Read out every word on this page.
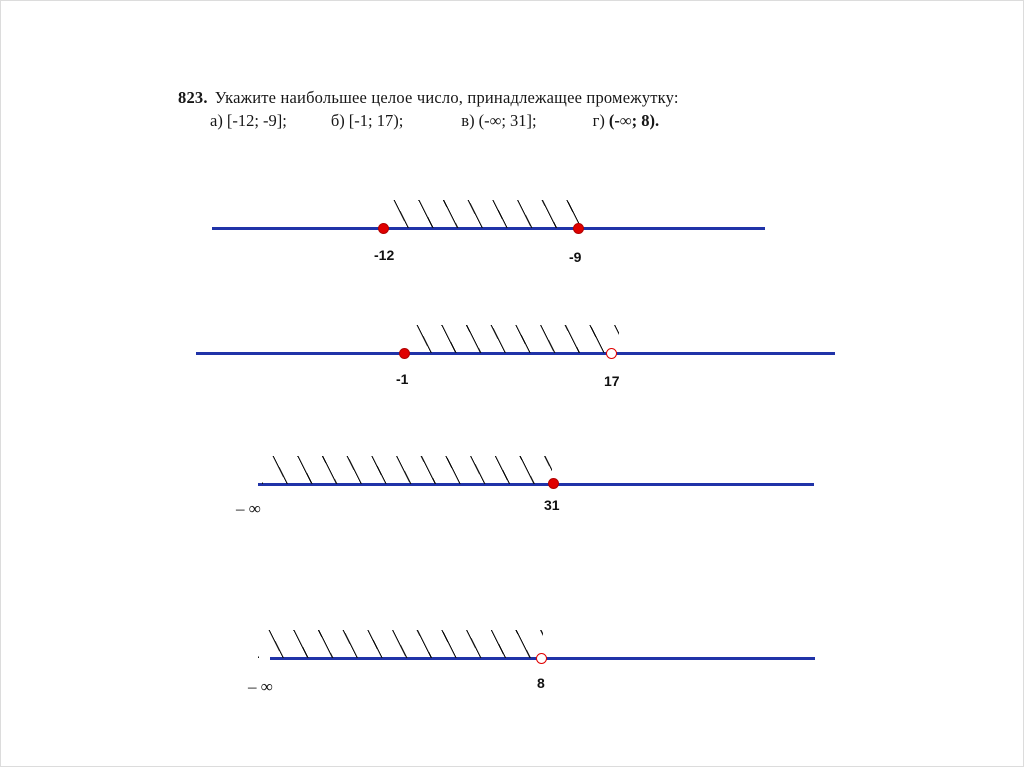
823. Укажите наибольшее целое число, принадлежащее промежутку:
а) [-12; -9];	б) [-1; 17);	в) (-∞; 31];	г) (-∞; 8).
-12	-9
-1	17
31
– ∞
8
– ∞
